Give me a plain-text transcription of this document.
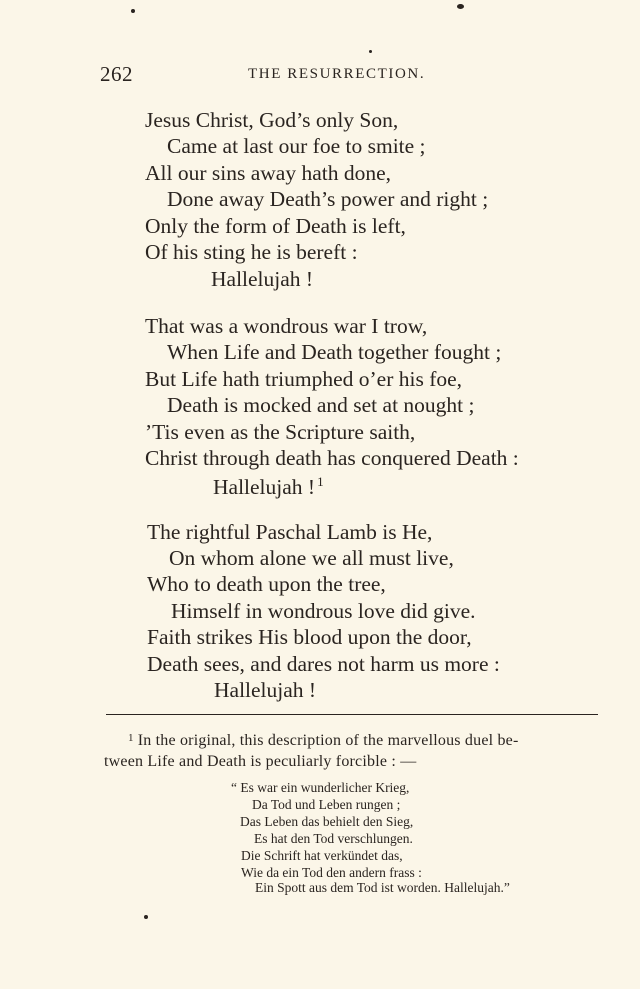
262	THE RESURRECTION.
Jesus Christ, God’s only Son,
Came at last our foe to smite ;
All our sins away hath done,
Done away Death’s power and right ;
Only the form of Death is left,
Of his sting he is bereft :
Hallelujah !
That was a wondrous war I trow,
When Life and Death together fought ;
But Life hath triumphed o’er his foe,
Death is mocked and set at nought ;
’Tis even as the Scripture saith,
Christ through death has conquered Death :
Hallelujah ! $^1$
The rightful Paschal Lamb is He,
On whom alone we all must live,
Who to death upon the tree,
Himself in wondrous love did give.
Faith strikes His blood upon the door,
Death sees, and dares not harm us more :
Hallelujah !
$^1$ In the original, this description of the marvellous duel be-
tween Life and Death is peculiarly forcible : —
“ Es war ein wunderlicher Krieg,
Da Tod und Leben rungen ;
Das Leben das behielt den Sieg,
Es hat den Tod verschlungen.
Die Schrift hat verkündet das,
Wie da ein Tod den andern frass :
Ein Spott aus dem Tod ist worden. Hallelujah.”
